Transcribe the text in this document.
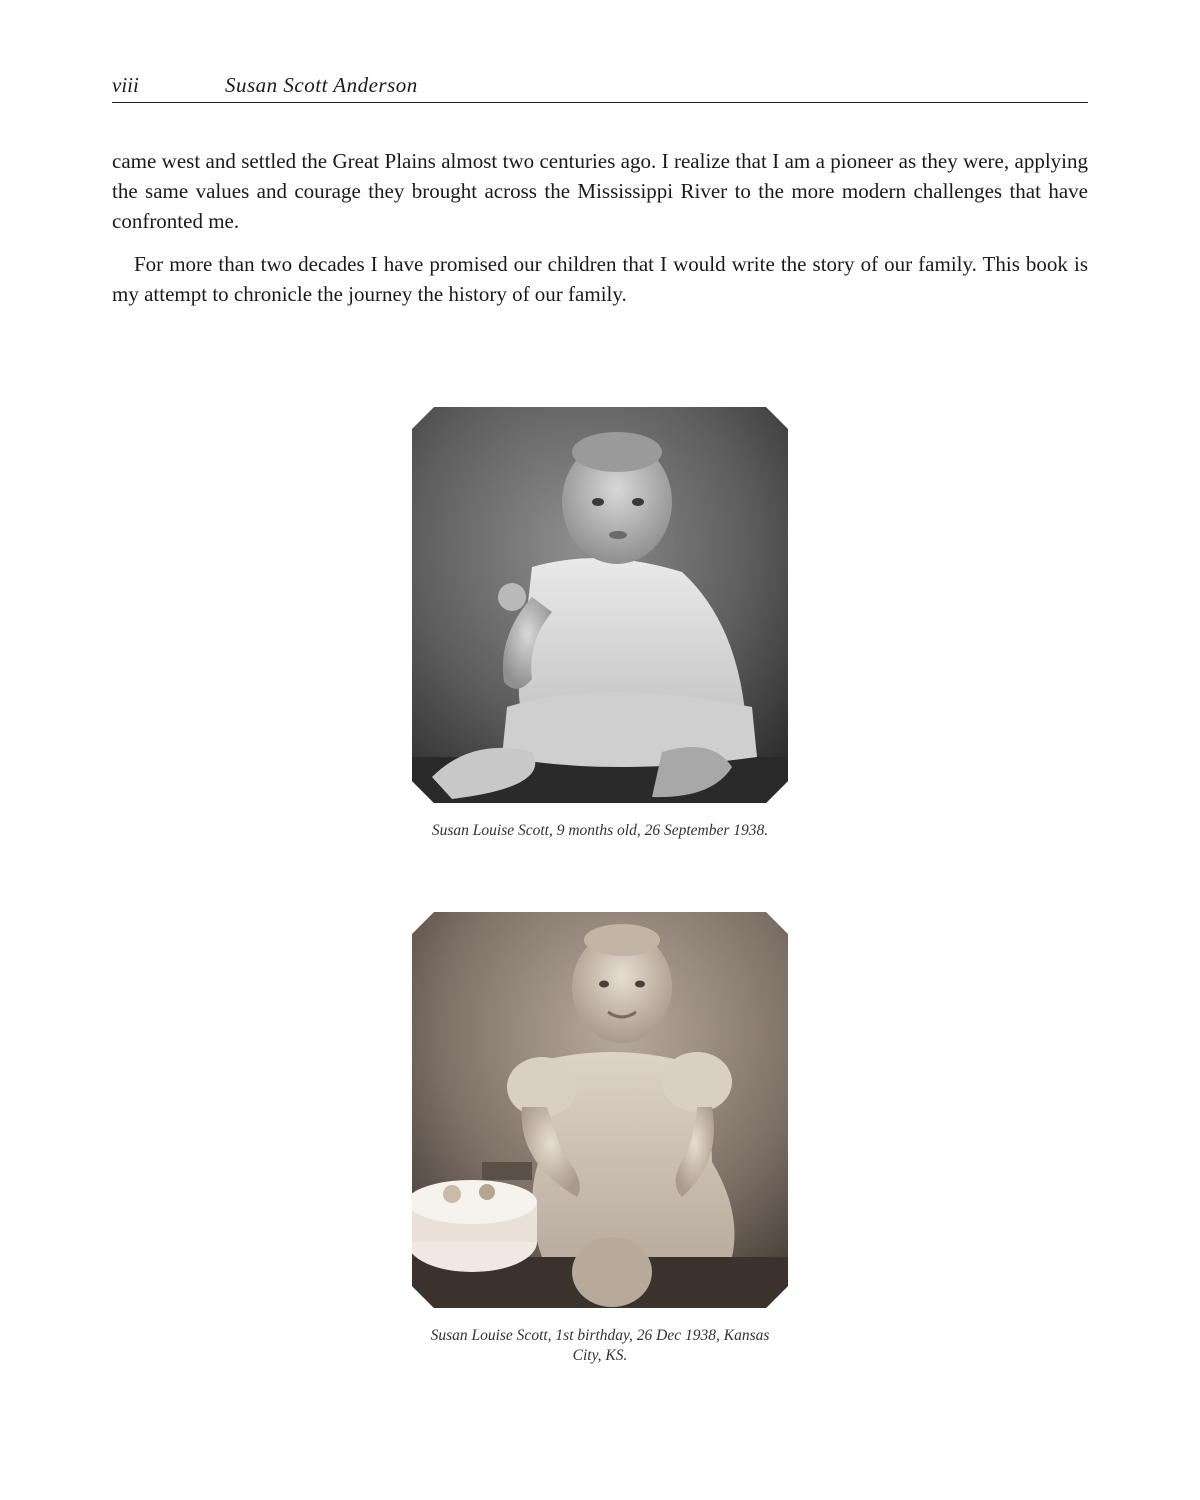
viii	Susan Scott Anderson

came west and settled the Great Plains almost two centuries ago. I realize that I am a pioneer as they were, applying the same values and courage they brought across the Mississippi River to the more modern challenges that have confronted me.

For more than two decades I have promised our children that I would write the story of our family. This book is my attempt to chronicle the journey the history of our family.

Susan Louise Scott, 9 months old, 26 September 1938.
Susan Louise Scott, 1st birthday, 26 Dec 1938, Kansas City, KS.
